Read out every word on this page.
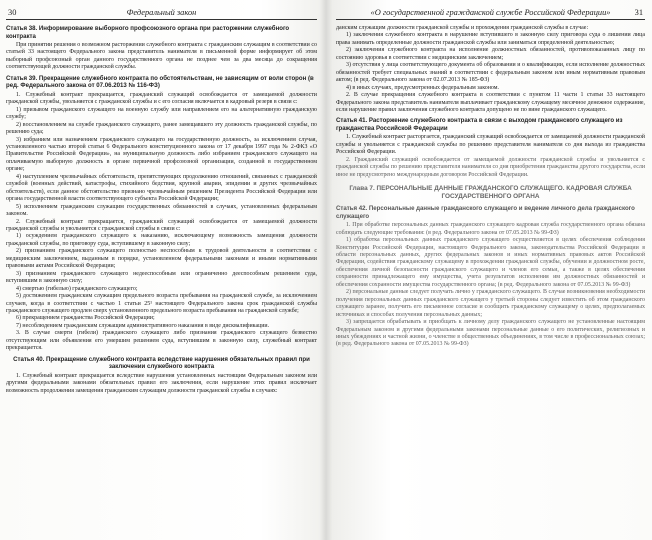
30	Федеральный закон
Статья 38. Информирование выборного профсоюзного органа при расторжении служебного контракта

При принятии решения о возможном расторжении служебного контракта с гражданским служащим в соответствии со статьей 33 настоящего Федерального закона представитель нанимателя в письменной форме информирует об этом выборный профсоюзный орган данного государственного органа не позднее чем за два месяца до сокращения соответствующей должности гражданской службы.

Статья 39. Прекращение служебного контракта по обстоятельствам, не зависящим от воли сторон (в ред. Федерального закона от 07.06.2013 № 116-ФЗ)

1. Служебный контракт прекращается, гражданский служащий освобождается от замещаемой должности гражданской службы, увольняется с гражданской службы и с его согласия включается в кадровый резерв в связи с:

1) призывом гражданского служащего на военную службу или направлением его на альтернативную гражданскую службу;

2) восстановлением на службе гражданского служащего, ранее замещавшего эту должность гражданской службы, по решению суда;

3) избранием или назначением гражданского служащего на государственную должность, за исключением случая, установленного частью второй статьи 6 Федерального конституционного закона от 17 декабря 1997 года № 2-ФКЗ «О Правительстве Российской Федерации», на муниципальную должность либо избранием гражданского служащего на оплачиваемую выборную должность в органе первичной профсоюзной организации, созданной в государственном органе;

4) наступлением чрезвычайных обстоятельств, препятствующих продолжению отношений, связанных с гражданской службой (военных действий, катастрофы, стихийного бедствия, крупной аварии, эпидемии и других чрезвычайных обстоятельств), если данное обстоятельство признано чрезвычайным решением Президента Российской Федерации или органа государственной власти соответствующего субъекта Российской Федерации;

5) исполнением гражданским служащим государственных обязанностей в случаях, установленных федеральным законом.

2. Служебный контракт прекращается, гражданский служащий освобождается от замещаемой должности гражданской службы и увольняется с гражданской службы в связи с:

1) осуждением гражданского служащего к наказанию, исключающему возможность замещения должности гражданской службы, по приговору суда, вступившему в законную силу;

2) признанием гражданского служащего полностью неспособным к трудовой деятельности в соответствии с медицинским заключением, выданным в порядке, установленном федеральными законами и иными нормативными правовыми актами Российской Федерации;

3) признанием гражданского служащего недееспособным или ограниченно дееспособным решением суда, вступившим в законную силу;

4) смертью (гибелью) гражданского служащего;

5) достижением гражданским служащим предельного возраста пребывания на гражданской службе, за исключением случаев, когда в соответствии с частью 1 статьи 25¹ настоящего Федерального закона срок гражданской службы гражданского служащего продлен сверх установленного предельного возраста пребывания на гражданской службе;

6) прекращением гражданства Российской Федерации;

7) несоблюдением гражданским служащим административного наказания в виде дисквалификации.

3. В случае смерти (гибели) гражданского служащего либо признания гражданского служащего безвестно отсутствующим или объявления его умершим решением суда, вступившим в законную силу, служебный контракт прекращается.

Статья 40. Прекращение служебного контракта вследствие нарушения обязательных правил при заключении служебного контракта

1. Служебный контракт прекращается вследствие нарушения установленных настоящим Федеральным законом или другими федеральными законами обязательных правил его заключения, если нарушение этих правил исключает возможность продолжения замещения гражданским служащим должности гражданской службы в случаях:

«О государственной гражданской службе Российской Федерации»	31

данским служащим должности гражданской службы и прохождения гражданской службы в случае:

1) заключения служебного контракта в нарушение вступившего в законную силу приговора суда о лишении лица права занимать определенные должности гражданской службы или заниматься определенной деятельностью;

2) заключения служебного контракта на исполнение должностных обязанностей, противопоказанных лицу по состоянию здоровья в соответствии с медицинским заключением;

3) отсутствия у лица соответствующего документа об образовании и о квалификации, если исполнение должностных обязанностей требует специальных знаний в соответствии с федеральным законом или иным нормативным правовым актом; (в ред. Федерального закона от 02.07.2013 № 185-ФЗ)

4) в иных случаях, предусмотренных федеральным законом.

2. В случае прекращения служебного контракта в соответствии с пунктом 11 части 1 статьи 33 настоящего Федерального закона представитель нанимателя выплачивает гражданскому служащему месячное денежное содержание, если нарушение правил заключения служебного контракта допущено не по вине гражданского служащего.

Статья 41. Расторжение служебного контракта в связи с выходом гражданского служащего из гражданства Российской Федерации

1. Служебный контракт расторгается, гражданский служащий освобождается от замещаемой должности гражданской службы и увольняется с гражданской службы по решению представителя нанимателя со дня выхода из гражданства Российской Федерации.

2. Гражданский служащий освобождается от замещаемой должности гражданской службы и увольняется с гражданской службы по решению представителя нанимателя со дня приобретения гражданства другого государства, если иное не предусмотрено международным договором Российской Федерации.

Глава 7. ПЕРСОНАЛЬНЫЕ ДАННЫЕ ГРАЖДАНСКОГО СЛУЖАЩЕГО. КАДРОВАЯ СЛУЖБА ГОСУДАРСТВЕННОГО ОРГАНА
Статья 42. Персональные данные гражданского служащего и ведение личного дела гражданского служащего

1. При обработке персональных данных гражданского служащего кадровая служба государственного органа обязана соблюдать следующие требования: (в ред. Федерального закона от 07.05.2013 № 99-ФЗ)

1) обработка персональных данных гражданского служащего осуществляется в целях обеспечения соблюдения Конституции Российской Федерации, настоящего Федерального закона, законодательства Российской Федерации в области персональных данных, других федеральных законов и иных нормативных правовых актов Российской Федерации, содействия гражданскому служащему в прохождении гражданской службы, обучении и должностном росте, обеспечения личной безопасности гражданского служащего и членов его семьи, а также в целях обеспечения сохранности принадлежащего ему имущества, учета результатов исполнения им должностных обязанностей и обеспечения сохранности имущества государственного органа; (в ред. Федерального закона от 07.05.2013 № 99-ФЗ)

2) персональные данные следует получать лично у гражданского служащего. В случае возникновения необходимости получения персональных данных гражданского служащего у третьей стороны следует известить об этом гражданского служащего заранее, получить его письменное согласие и сообщить гражданскому служащему о целях, предполагаемых источниках и способах получения персональных данных;

3) запрещается обрабатывать и приобщать к личному делу гражданского служащего не установленные настоящим Федеральным законом и другими федеральными законами персональные данные о его политических, религиозных и иных убеждениях и частной жизни, о членстве в общественных объединениях, в том числе в профессиональных союзах; (в ред. Федерального закона от 07.05.2013 № 99-ФЗ)
